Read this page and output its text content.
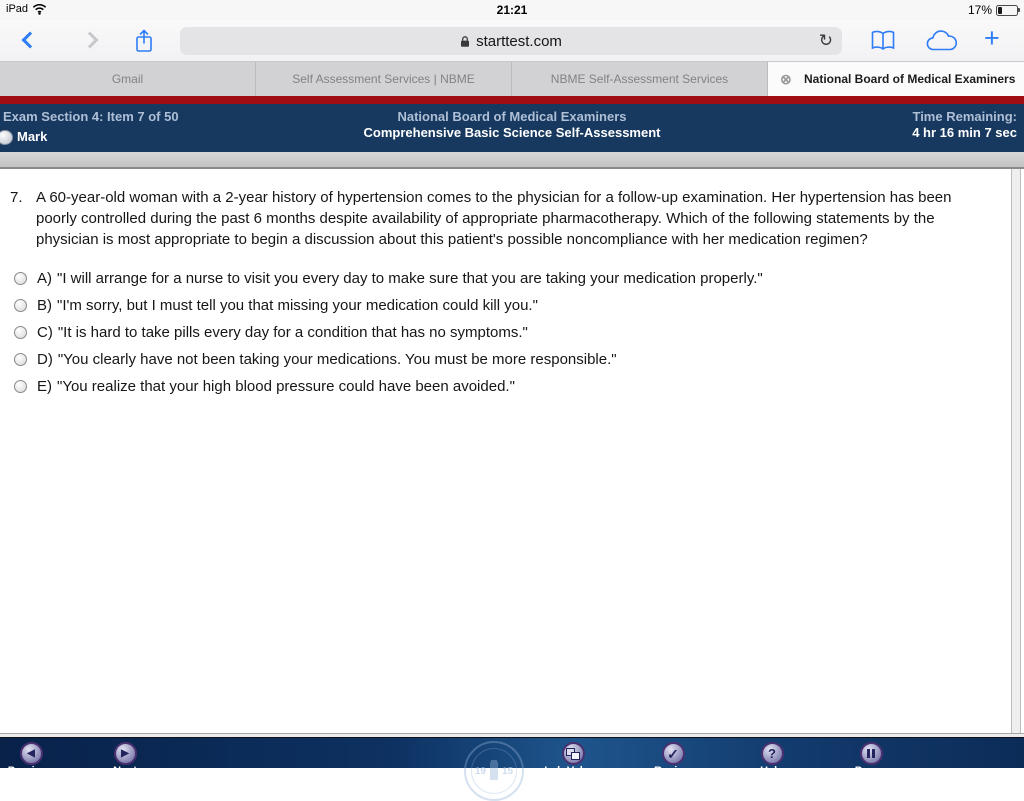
iPad	21:21	17%
starttest.com	↻	+
Gmail	Self Assessment Services | NBME	NBME Self-Assessment Services	⊗ National Board of Medical Examiners
Exam Section 4: Item 7 of 50
Mark
National Board of Medical Examiners
Comprehensive Basic Science Self-Assessment
Time Remaining:
4 hr 16 min 7 sec
7. A 60-year-old woman with a 2-year history of hypertension comes to the physician for a follow-up examination. Her hypertension has been poorly controlled during the past 6 months despite availability of appropriate pharmacotherapy. Which of the following statements by the physician is most appropriate to begin a discussion about this patient's possible noncompliance with her medication regimen?
A) "I will arrange for a nurse to visit you every day to make sure that you are taking your medication properly."
B) "I'm sorry, but I must tell you that missing your medication could kill you."
C) "It is hard to take pills every day for a condition that has no symptoms."
D) "You clearly have not been taking your medications. You must be more responsible."
E) "You realize that your high blood pressure could have been avoided."
19 15
◀
Previous
▶
Next	Lab Values
✓
Review
?
Help	Pause
